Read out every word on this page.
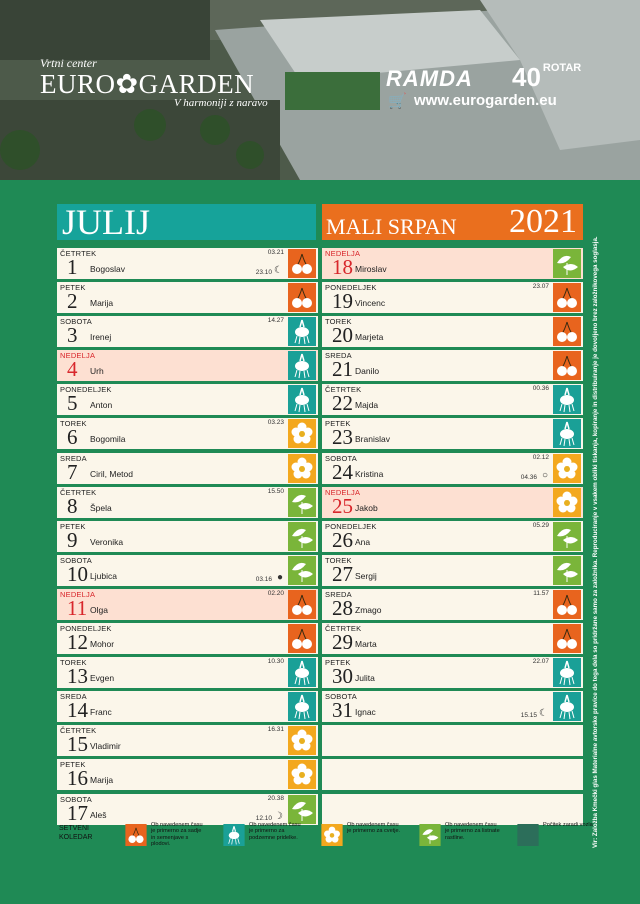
Vrtni center
EURO✿GARDEN
V harmoniji z naravo
RAMDA 40 $^{ROTAR}$
🛒 www.eurogarden.eu
JULIJ	MALI SRPAN 2021
ČETRTEK
1 Bogoslav
03.21
23.10 ☾
PETEK
2 Marija
SOBOTA
3 Irenej
14.27
NEDELJA
4 Urh
PONEDELJEK
5 Anton
TOREK
6 Bogomila
03.23
SREDA
7 Ciril, Metod
ČETRTEK
8 Špela
15.50
PETEK
9 Veronika
SOBOTA
10 Ljubica	03.16 ●
NEDELJA
11 Olga
02.20
PONEDELJEK
12 Mohor
TOREK
13 Evgen
10.30
SREDA
14 Franc
ČETRTEK
15 Vladimir
16.31
PETEK
16 Marija
SOBOTA
17 Aleš
20.38
12.10 ☽
NEDELJA
18 Miroslav
PONEDELJEK
19 Vincenc
23.07
TOREK
20 Marjeta
SREDA
21 Danilo
ČETRTEK
22 Majda
00.36
PETEK
23 Branislav
SOBOTA
24 Kristina
02.12
04.36 ○
NEDELJA
25 Jakob
PONEDELJEK
26 Ana
05.29
TOREK
27 Sergij
SREDA
28 Zmago
11.57
ČETRTEK
29 Marta
PETEK
30 Julita
22.07
SOBOTA
31 Ignac	15.15 ☾
SETVENI
KOLEDAR
Ob navedenem času je primerno za sadje in semenjave s plodovi.
Ob navedenem času je primerno za podzemne pridelke.
Ob navedenem času je primerno za cvetje.
Ob navedenem času je primerno za listnate rastline.
Počitek zaradi vozla Vir: Založba Kmečki glas Materialne avtorske pravice do tega dela so pridržane samo za založnika. Reproduciranje v vsakem obliki tiskanja, kopiranje in distribuiranje je dovoljeno brez založnikovega soglasja.
